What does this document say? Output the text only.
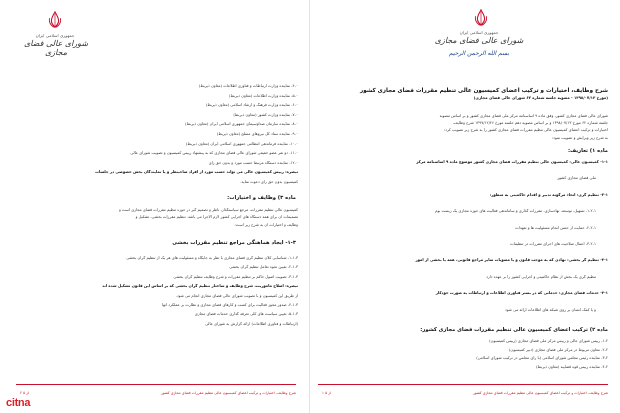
جمهوری اسلامی ایران
شورای عالی فضای مجازی
۴-۰- نماینده وزارت ارتباطات و فناوری اطلاعات (معاون ذیربط)
۵-۰- نماینده وزارت اطلاعات (معاون ذیربط)
۶-۰- نماینده وزارت فرهنگ و ارشاد اسلامی (معاون ذیربط)
۷-۰- نماینده وزارت کشور (معاون ذیربط)
۸-۰- نماینده سازمان صداوسیمای جمهوری اسلامی ایران (معاون ذیربط)
۹-۰- نماینده ستاد کل نیروهای مسلح (معاون ذیربط)
۱۰-۰- نماینده فرماندهی انتظامی جمهوری اسلامی ایران (معاون ذیربط)
۱۱-۰- دو نفر عضو حقیقی شورای عالی فضای مجازی که به پیشنهاد رییس کمیسیون و تصویب شورای عالی
۱۲-۰- نماینده دستگاه مرتبط حسب مورد و بدون حق رأی
تبصره: رییس کمیسیون عالی می تواند حسب مورد از افراد صاحبنظر و یا نمایندگان بخش خصوصی در جلسات
کمیسیون بدون حق رأی دعوت نماید.
ماده ۳) وظایف و اختیارات:
کمیسیون عالی تنظیم مقررات، مرجع سیاستگذار، ناظر و تصمیم گیر در حوزه تنظیم مقررات فضای مجازی است و
تصمیمات آن برای همه دستگاه های اجرایی کشور لازم الاجرا می باشد. تنظیم مقررات بخشی، تشکیل و
وظایف و اختیارات آن به شرح زیر است:
۱-۳- ایجاد هماهنگی مراجع تنظیم مقررات بخشی
۱-۱-۳- شناسایی کلان تنظیم گری فضای مجازی با نظر به جایگاه و مسئولیت های هر یک از تنظیم گران بخشی
۲-۱-۳- تعیین نحوه تعامل تنظیم گران بخشی
۳-۱-۳- تصویب اصول حاکم بر تنظیم مقررات و شرح وظایف تنظیم گران بخشی
تبصره: اصلاح ماموریت، شرح وظایف و ساختار تنظیم گران بخشی که بر اساس این قانون تشکیل شده اند
از طریق این کمیسیون و با تصویب شورای عالی فضای مجازی انجام می شود.
۴-۱-۳- صدور مجوز فعالیت برای کسب و کارهای فضای مجازی و نظارت بر عملکرد آنها
۵-۱-۳- تعیین سیاست های کلی تعرفه گذاری خدمات فضای مجازی
(ارتباطات و فناوری اطلاعات) ارائه گزارش به شورای عالی
شرح وظایف، اختیارات و ترکیب اعضای کمیسیون عالی تنظیم مقررات فضای مجازی کشور
۲ از ۵
جمهوری اسلامی ایران
شورای عالی فضای مجازی
بسم الله الرحمن الرحیم
شرح وظایف، اختیارات و ترکیب اعضای کمیسیون عالی تنظیم مقررات فضای مجازی کشور
(مورخ ۱۳۹۸/۰۷/۱۳ - مصوبه جلسه شماره ۶۲ شورای عالی فضای مجازی)
شورای عالی فضای مجازی کشور، وفق ماده ۹ اساسنامه مرکز ملی فضای مجازی کشور و بر اساس مصوبه
جلسه شماره ۶۲ مورخ ۱۳۹۸/۰۷/۱۳ و بر اساس مصوبه دهم جلسه مورخ ۱۳۹۷/۱۲/۲۶ شرح وظایف،
اختیارات و ترکیب اعضای کمیسیون عالی تنظیم مقررات فضای مجازی کشور را به شرح زیر تصویب کرد:
به شرح زیر ویرایش و تصویب نمود:
ماده ۱) تعاریف:
۱-۱- کمیسیون عالی: کمیسیون عالی تنظیم مقررات فضای مجازی کشور موضوع ماده ۹ اساسنامه مرکز
ملی فضای مجازی کشور
۲-۱- تنظیم گری: اتخاذ مرگونه تدبیر و اقدام حاکمیتی به منظور:
۱-۲-۱- تسهیل، توسعه، نهادسازی، مقررات گذاری و ساماندهی فعالیت های حوزه مجازی یک زیست بوم
۲-۲-۱- حمایت از حسن انجام مسئولیت ها و تعهدات
۳-۲-۱- اعمال صلاحیت های اجرای مقررات در تنظیمات
۳-۱- تنظیم گر بخشی: نهادی که به موجب قانون و یا مصوبات سایر مراجع قانونی، همه یا بخشی از امور
تنظیم گری یک بخش از نظام حاکمیتی و اجرایی کشور را بر عهده دارد
۴-۱- خدمات فضای مجازی: خدماتی که در بستر فناوری اطلاعات و ارتباطات به صورت خودکار
و یا کمک انسان بر روی شبکه های اطلاعات ارائه می شود
ماده ۲) ترکیب اعضای کمیسیون عالی تنظیم مقررات فضای مجازی کشور:
۱-۲- رییس شورای عالی و رییس مرکز ملی فضای مجازی (رییس کمیسیون)
۲-۲- معاون مربوط در مرکز ملی فضای مجازی (دبیر کمیسیون)
۳-۲- نماینده رئیس مجلس شورای اسلامی (با رای مجلس در ترکیب شورای اسلامی)
۴-۲- نماینده رییس قوه قضاییه (معاون ذیربط)
شرح وظایف، اختیارات و ترکیب اعضای کمیسیون عالی تنظیم مقررات فضای مجازی کشور
۱ از ۵
citna
